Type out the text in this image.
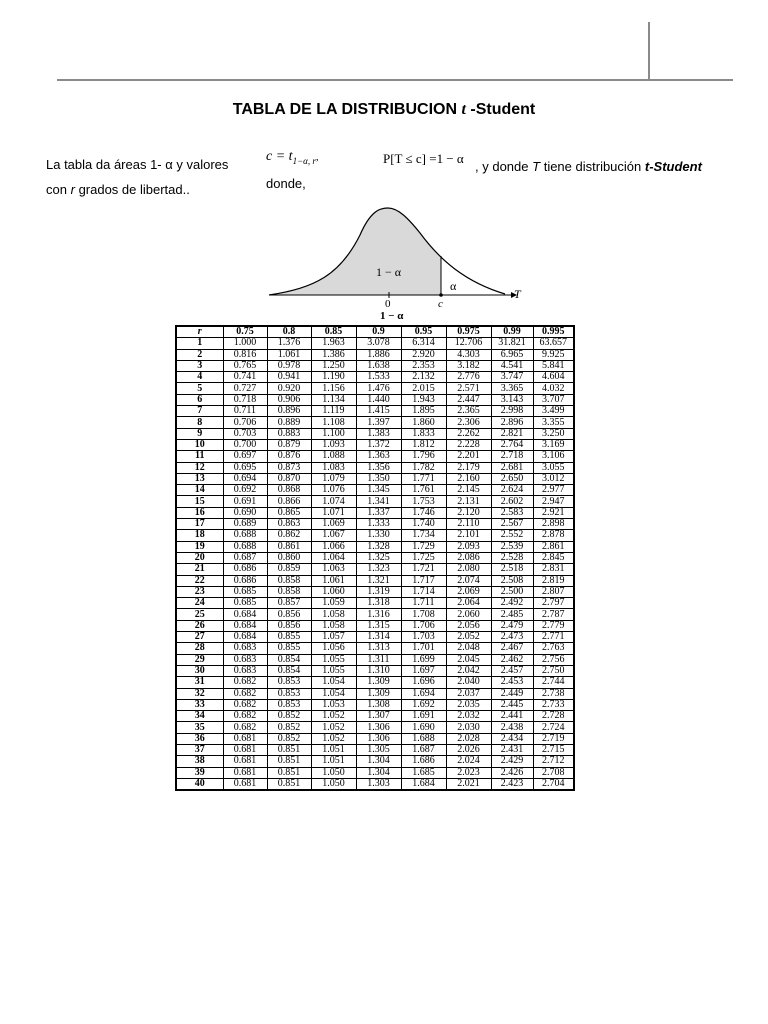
TABLA DE LA DISTRIBUCION t -Student
La tabla da áreas 1- α y valores
con r grados de libertad..
$c = t_{1-\alpha, r}$,
donde,
P[T ≤ c] =1 − α
, y donde T tiene distribución t-Student
1 − α
α
T
0	c
1 − α
r	0.75	0.8	0.85	0.9	0.95	0.975	0.99	0.995
1	1.000	1.376	1.963	3.078	6.314	12.706	31.821	63.657
2	0.816	1.061	1.386	1.886	2.920	4.303	6.965	9.925
3	0.765	0.978	1.250	1.638	2.353	3.182	4.541	5.841
4	0.741	0.941	1.190	1.533	2.132	2.776	3.747	4.604
5	0.727	0.920	1.156	1.476	2.015	2.571	3.365	4.032
6	0.718	0.906	1.134	1.440	1.943	2.447	3.143	3.707
7	0.711	0.896	1.119	1.415	1.895	2.365	2.998	3.499
8	0.706	0.889	1.108	1.397	1.860	2.306	2.896	3.355
9	0.703	0.883	1.100	1.383	1.833	2.262	2.821	3.250
10	0.700	0.879	1.093	1.372	1.812	2.228	2.764	3.169
11	0.697	0.876	1.088	1.363	1.796	2.201	2.718	3.106
12	0.695	0.873	1.083	1.356	1.782	2.179	2.681	3.055
13	0.694	0.870	1.079	1.350	1.771	2.160	2.650	3.012
14	0.692	0.868	1.076	1.345	1.761	2.145	2.624	2.977
15	0.691	0.866	1.074	1.341	1.753	2.131	2.602	2.947
16	0.690	0.865	1.071	1.337	1.746	2.120	2.583	2.921
17	0.689	0.863	1.069	1.333	1.740	2.110	2.567	2.898
18	0.688	0.862	1.067	1.330	1.734	2.101	2.552	2.878
19	0.688	0.861	1.066	1.328	1.729	2.093	2.539	2.861
20	0.687	0.860	1.064	1.325	1.725	2.086	2.528	2.845
21	0.686	0.859	1.063	1.323	1.721	2.080	2.518	2.831
22	0.686	0.858	1.061	1.321	1.717	2.074	2.508	2.819
23	0.685	0.858	1.060	1.319	1.714	2.069	2.500	2.807
24	0.685	0.857	1.059	1.318	1.711	2.064	2.492	2.797
25	0.684	0.856	1.058	1.316	1.708	2.060	2.485	2.787
26	0.684	0.856	1.058	1.315	1.706	2.056	2.479	2.779
27	0.684	0.855	1.057	1.314	1.703	2.052	2.473	2.771
28	0.683	0.855	1.056	1.313	1.701	2.048	2.467	2.763
29	0.683	0.854	1.055	1.311	1.699	2.045	2.462	2.756
30	0.683	0.854	1.055	1.310	1.697	2.042	2.457	2.750
31	0.682	0.853	1.054	1.309	1.696	2.040	2.453	2.744
32	0.682	0.853	1.054	1.309	1.694	2.037	2.449	2.738
33	0.682	0.853	1.053	1.308	1.692	2.035	2.445	2.733
34	0.682	0.852	1.052	1.307	1.691	2.032	2.441	2.728
35	0.682	0.852	1.052	1.306	1.690	2.030	2.438	2.724
36	0.681	0.852	1.052	1.306	1.688	2.028	2.434	2.719
37	0.681	0.851	1.051	1.305	1.687	2.026	2.431	2.715
38	0.681	0.851	1.051	1.304	1.686	2.024	2.429	2.712
39	0.681	0.851	1.050	1.304	1.685	2.023	2.426	2.708
40	0.681	0.851	1.050	1.303	1.684	2.021	2.423	2.704
